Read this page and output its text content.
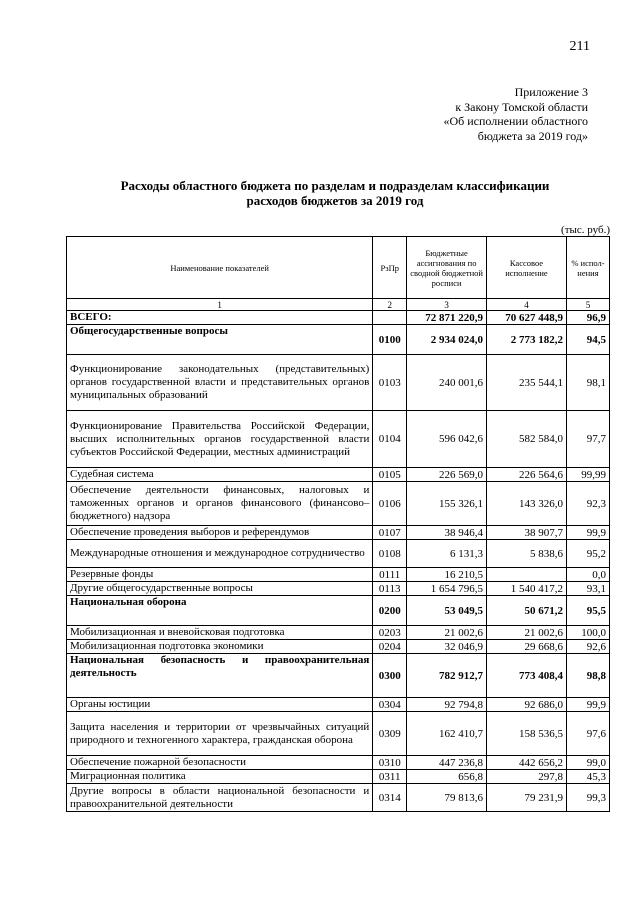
211
Приложение 3
к Закону Томской области
«Об исполнении областного
бюджета за 2019 год»
Расходы областного бюджета по разделам и подразделам классификации
расходов бюджетов за 2019 год
(тыс. руб.)
Наименование показателей	РзПр	Бюджетные ассигнования по сводной бюджетной росписи	Кассовое исполнение	% испол-нения
1	2	3	4	5
ВСЕГО:		72 871 220,9	70 627 448,9	96,9
Общегосударственные вопросы	0100	2 934 024,0	2 773 182,2	94,5
Функционирование законодательных (представительных) органов государственной власти и представительных органов муниципальных образований	0103	240 001,6	235 544,1	98,1
Функционирование Правительства Российской Федерации, высших исполнительных органов государственной власти субъектов Российской Федерации, местных администраций	0104	596 042,6	582 584,0	97,7
Судебная система	0105	226 569,0	226 564,6	99,99
Обеспечение деятельности финансовых, налоговых и таможенных органов и органов финансового (финансово–бюджетного) надзора	0106	155 326,1	143 326,0	92,3
Обеспечение проведения выборов и референдумов	0107	38 946,4	38 907,7	99,9
Международные отношения и международное сотрудничество	0108	6 131,3	5 838,6	95,2
Резервные фонды	0111	16 210,5		0,0
Другие общегосударственные вопросы	0113	1 654 796,5	1 540 417,2	93,1
Национальная оборона	0200	53 049,5	50 671,2	95,5
Мобилизационная и вневойсковая подготовка	0203	21 002,6	21 002,6	100,0
Мобилизационная подготовка экономики	0204	32 046,9	29 668,6	92,6
Национальная безопасность и правоохранительная деятельность	0300	782 912,7	773 408,4	98,8
Органы юстиции	0304	92 794,8	92 686,0	99,9
Защита населения и территории от чрезвычайных ситуаций природного и техногенного характера, гражданская оборона	0309	162 410,7	158 536,5	97,6
Обеспечение пожарной безопасности	0310	447 236,8	442 656,2	99,0
Миграционная политика	0311	656,8	297,8	45,3
Другие вопросы в области национальной безопасности и правоохранительной деятельности	0314	79 813,6	79 231,9	99,3
